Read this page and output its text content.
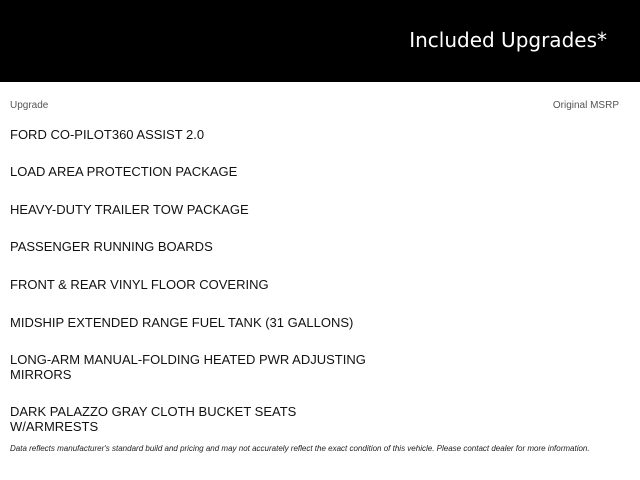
Included Upgrades*
Upgrade	Original MSRP
FORD CO-PILOT360 ASSIST 2.0
LOAD AREA PROTECTION PACKAGE
HEAVY-DUTY TRAILER TOW PACKAGE
PASSENGER RUNNING BOARDS
FRONT & REAR VINYL FLOOR COVERING
MIDSHIP EXTENDED RANGE FUEL TANK (31 GALLONS)
LONG-ARM MANUAL-FOLDING HEATED PWR ADJUSTING MIRRORS
DARK PALAZZO GRAY CLOTH BUCKET SEATS W/ARMRESTS
Data reflects manufacturer's standard build and pricing and may not accurately reflect the exact condition of this vehicle. Please contact dealer for more information.
